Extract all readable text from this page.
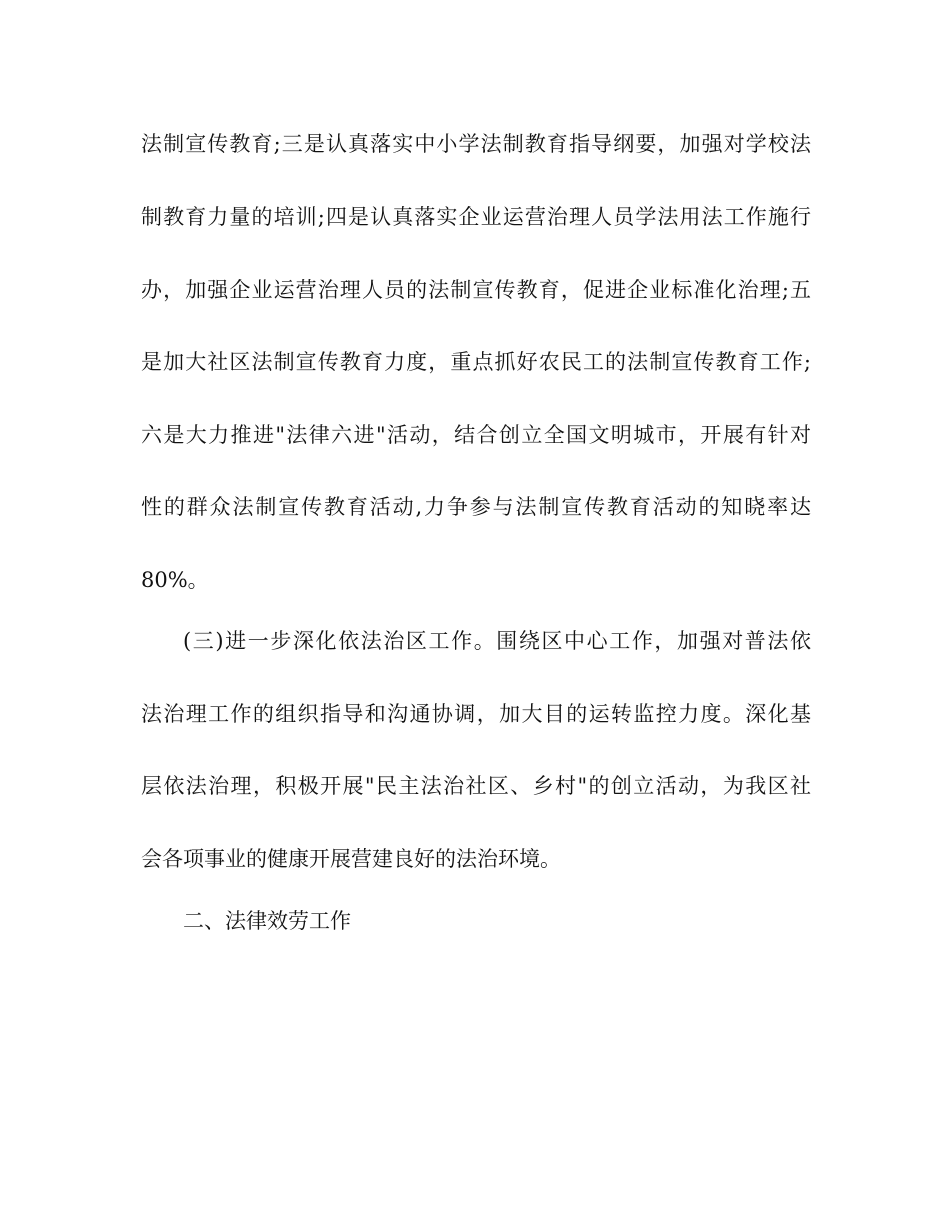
法制宣传教育;三是认真落实中小学法制教育指导纲要，加强对学校法
制教育力量的培训;四是认真落实企业运营治理人员学法用法工作施行
办，加强企业运营治理人员的法制宣传教育，促进企业标准化治理;五
是加大社区法制宣传教育力度，重点抓好农民工的法制宣传教育工作;
六是大力推进"法律六进"活动，结合创立全国文明城市，开展有针对
性的群众法制宣传教育活动,力争参与法制宣传教育活动的知晓率达
80%。
(三)进一步深化依法治区工作。围绕区中心工作，加强对普法依
法治理工作的组织指导和沟通协调，加大目的运转监控力度。深化基
层依法治理，积极开展"民主法治社区、乡村"的创立活动，为我区社
会各项事业的健康开展营建良好的法治环境。
二、法律效劳工作
